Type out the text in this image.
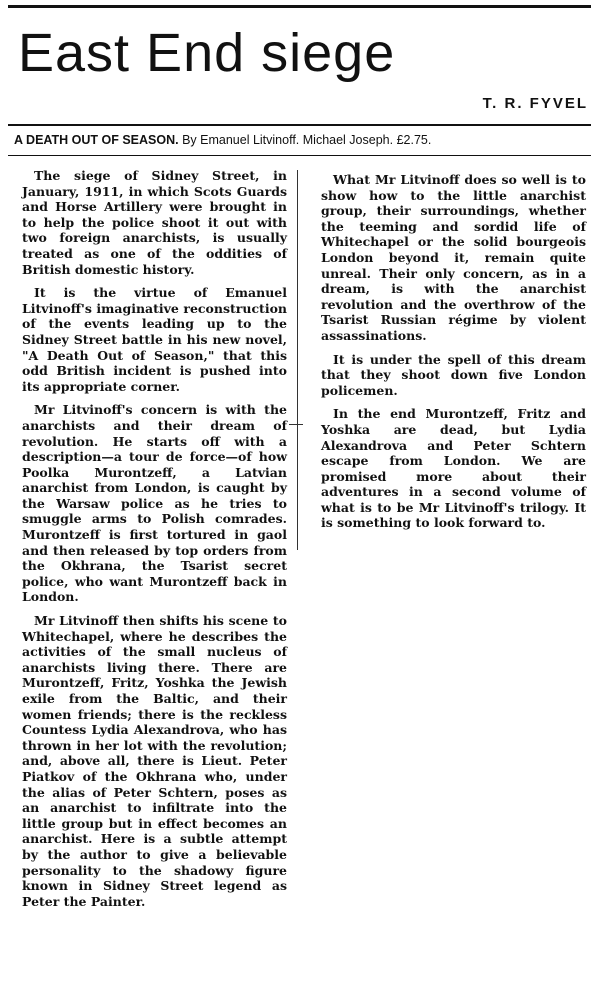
East End siege
T. R. FYVEL
A DEATH OUT OF SEASON. By Emanuel Litvinoff. Michael Joseph. £2.75.

The siege of Sidney Street, in January, 1911, in which Scots Guards and Horse Artillery were brought in to help the police shoot it out with two foreign anarchists, is usually treated as one of the oddities of British domestic history.

It is the virtue of Emanuel Litvinoff's imaginative reconstruction of the events leading up to the Sidney Street battle in his new novel, "A Death Out of Season," that this odd British incident is pushed into its appropriate corner.

Mr Litvinoff's concern is with the anarchists and their dream of revolution. He starts off with a description—a tour de force—of how Poolka Murontzeff, a Latvian anarchist from London, is caught by the Warsaw police as he tries to smuggle arms to Polish comrades. Murontzeff is first tortured in gaol and then released by top orders from the Okhrana, the Tsarist secret police, who want Murontzeff back in London.

Mr Litvinoff then shifts his scene to Whitechapel, where he describes the activities of the small nucleus of anarchists living there. There are Murontzeff, Fritz, Yoshka the Jewish exile from the Baltic, and their women friends; there is the reckless Countess Lydia Alexandrova, who has thrown in her lot with the revolution; and, above all, there is Lieut. Peter Piatkov of the Okhrana who, under the alias of Peter Schtern, poses as an anarchist to infiltrate into the little group but in effect becomes an anarchist. Here is a subtle attempt by the author to give a believable personality to the shadowy figure known in Sidney Street legend as Peter the Painter.

What Mr Litvinoff does so well is to show how to the little anarchist group, their surroundings, whether the teeming and sordid life of Whitechapel or the solid bourgeois London beyond it, remain quite unreal. Their only concern, as in a dream, is with the anarchist revolution and the overthrow of the Tsarist Russian régime by violent assassinations.

It is under the spell of this dream that they shoot down five London policemen.

In the end Murontzeff, Fritz and Yoshka are dead, but Lydia Alexandrova and Peter Schtern escape from London. We are promised more about their adventures in a second volume of what is to be Mr Litvinoff's trilogy. It is something to look forward to.
